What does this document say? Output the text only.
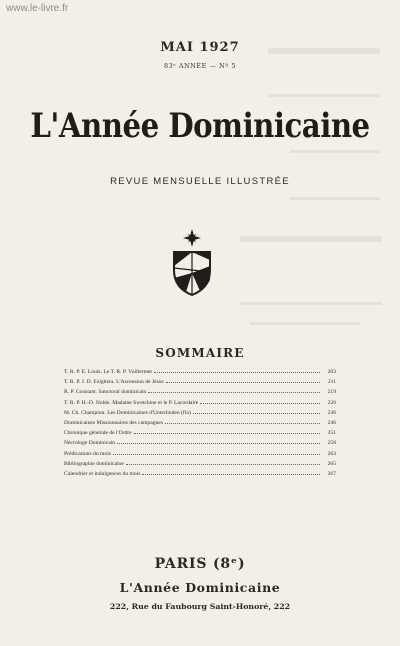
www.le-livre.fr
MAI 1927
83ᵉ ANNÉE — Nº 5
L'Année Dominicaine
REVUE MENSUELLE ILLUSTRÉE
SOMMAIRE
T. R. P. E. Louis. Le T. R. P. Vuillermet	203
T. R. P. J. D. Folghera. L'Ascension de Jésus	211
R. P. Constant. Sanctoral dominicain	219
T. R. P. H.-D. Noble. Madame Swetchine et le P. Lacordaire	226
M. Ch. Champion. Les Dominicaines d'Unterlinden (fin)	236
Dominicaines Missionnaires des campagnes	246
Chronique générale de l'Ordre	251
Nécrologe Dominicain	258
Prédications du mois	263
Bibliographie dominicaine	265
Calendrier et indulgences du mois	267
PARIS (8ᵉ)
L'Année Dominicaine
222, Rue du Faubourg Saint-Honoré, 222
